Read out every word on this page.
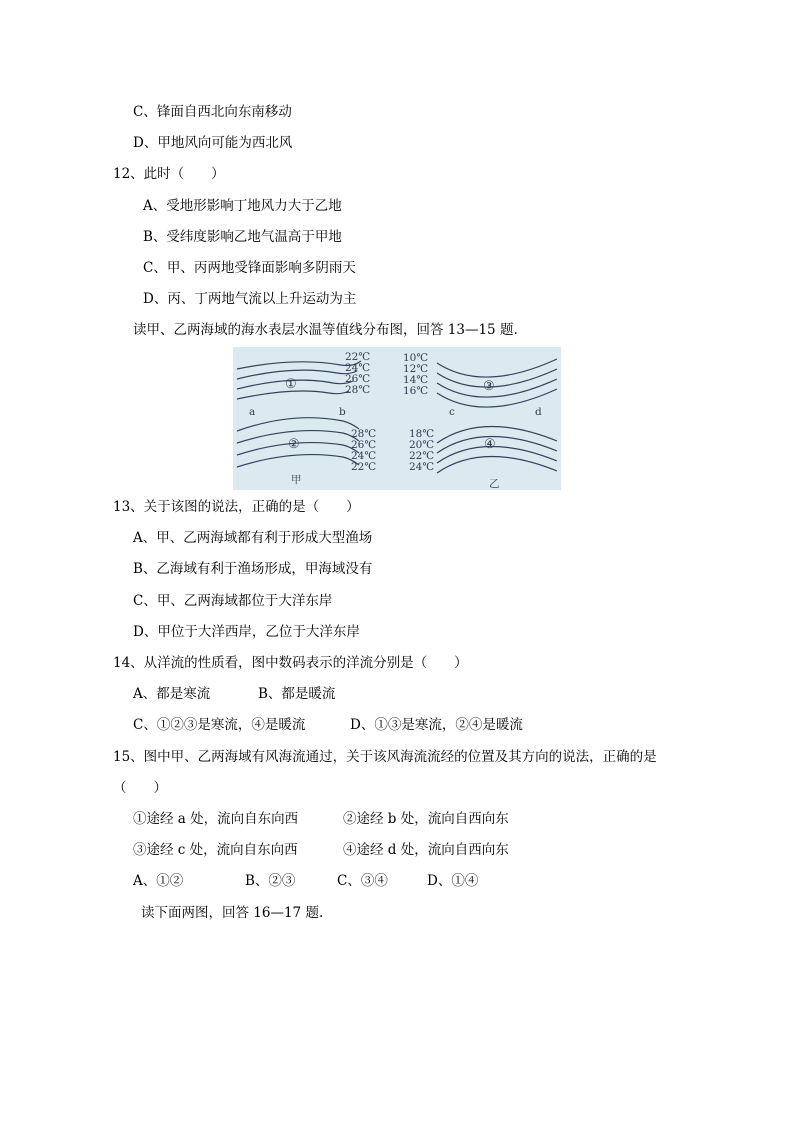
C、锋面自西北向东南移动
D、甲地风向可能为西北风
12、此时（　　）
A、受地形影响丁地风力大于乙地
B、受纬度影响乙地气温高于甲地
C、甲、丙两地受锋面影响多阴雨天
D、丙、丁两地气流以上升运动为主
读甲、乙两海域的海水表层水温等值线分布图，回答 13—15 题.
22℃
24℃
26℃
28℃
28℃
26℃
24℃
22℃
10℃
12℃
14℃
16℃
18℃
20℃
22℃
24℃
①
②
③
④
a	b	c	d
甲	乙
13、关于该图的说法，正确的是（　　）
A、甲、乙两海域都有利于形成大型渔场
B、乙海域有利于渔场形成，甲海域没有
C、甲、乙两海域都位于大洋东岸
D、甲位于大洋西岸，乙位于大洋东岸
14、从洋流的性质看，图中数码表示的洋流分别是（　　）
A、都是寒流	B、都是暖流
C、①②③是寒流，④是暖流	D、①③是寒流，②④是暖流
15、图中甲、乙两海域有风海流通过，关于该风海流流经的位置及其方向的说法，正确的是
（　　）
①途经 a 处，流向自东向西	②途经 b 处，流向自西向东
③途经 c 处，流向自东向西	④途经 d 处，流向自西向东
A、①②	B、②③	C、③④	D、①④
读下面两图，回答 16—17 题.
